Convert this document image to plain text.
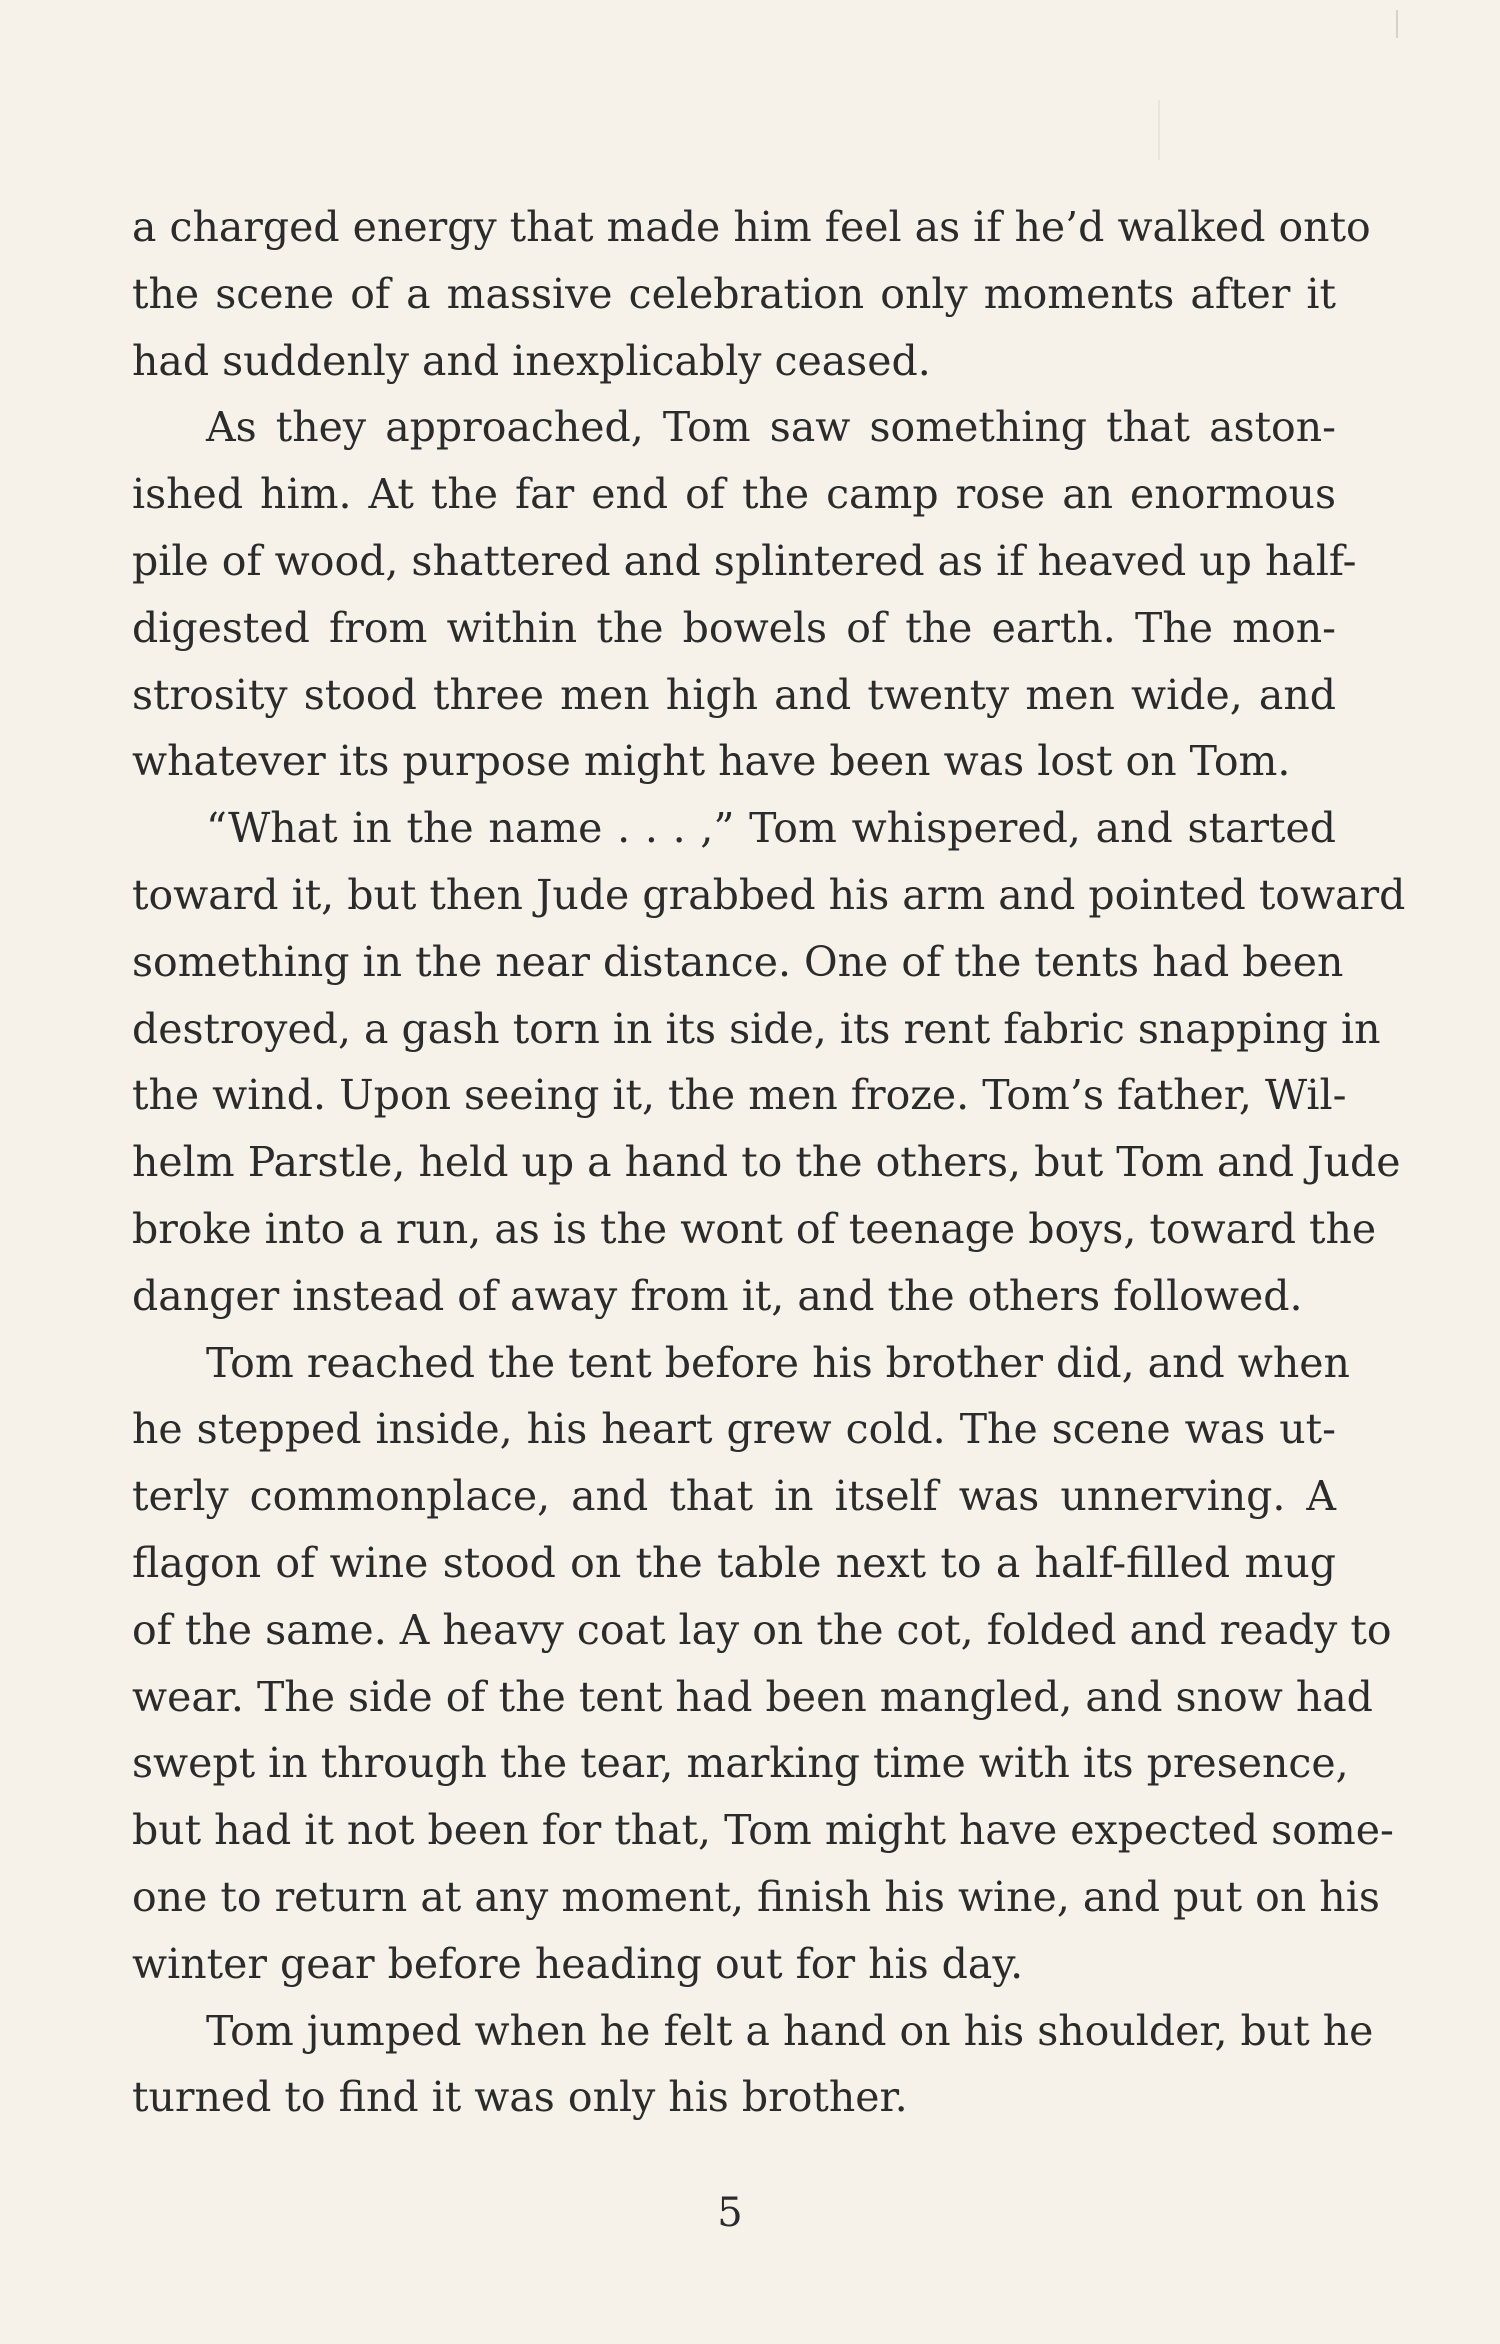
a charged energy that made him feel as if he’d walked onto
the scene of a massive celebration only moments after it
had suddenly and inexplicably ceased.
As they approached, Tom saw something that aston-
ished him. At the far end of the camp rose an enormous
pile of wood, shattered and splintered as if heaved up half-
digested from within the bowels of the earth. The mon-
strosity stood three men high and twenty men wide, and
whatever its purpose might have been was lost on Tom.
“What in the name . . . ,” Tom whispered, and started
toward it, but then Jude grabbed his arm and pointed toward
something in the near distance. One of the tents had been
destroyed, a gash torn in its side, its rent fabric snapping in
the wind. Upon seeing it, the men froze. Tom’s father, Wil-
helm Parstle, held up a hand to the others, but Tom and Jude
broke into a run, as is the wont of teenage boys, toward the
danger instead of away from it, and the others followed.
Tom reached the tent before his brother did, and when
he stepped inside, his heart grew cold. The scene was ut-
terly commonplace, and that in itself was unnerving. A
flagon of wine stood on the table next to a half-filled mug
of the same. A heavy coat lay on the cot, folded and ready to
wear. The side of the tent had been mangled, and snow had
swept in through the tear, marking time with its presence,
but had it not been for that, Tom might have expected some-
one to return at any moment, finish his wine, and put on his
winter gear before heading out for his day.
Tom jumped when he felt a hand on his shoulder, but he
turned to find it was only his brother.
5
